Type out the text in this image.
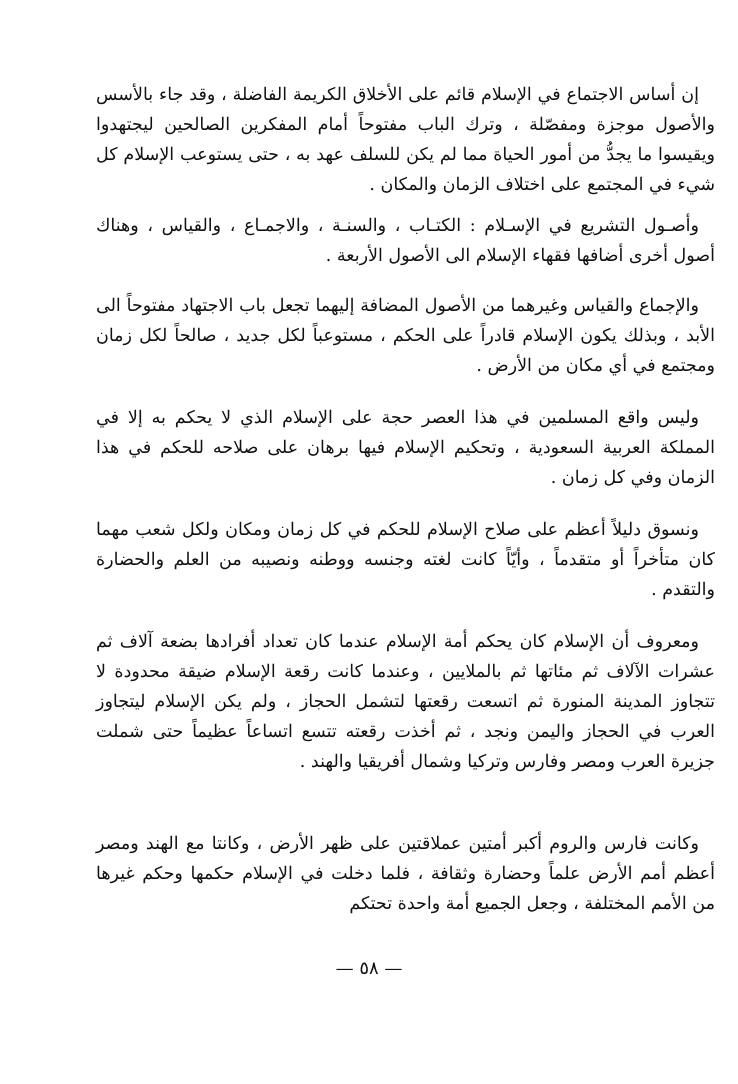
إن أساس الاجتماع في الإسلام قائم على الأخلاق الكريمة الفاضلة ، وقد جاء بالأسس والأصول موجزة ومفصّلة ، وترك الباب مفتوحاً أمام المفكرين الصالحين ليجتهدوا ويقيسوا ما يجدُّ من أمور الحياة مما لم يكن للسلف عهد به ، حتى يستوعب الإسلام كل شيء في المجتمع على اختلاف الزمان والمكان .

وأصـول التشريع في الإسـلام : الكتـاب ، والسنـة ، والاجمـاع ، والقياس ، وهناك أصول أخرى أضافها فقهاء الإسلام الى الأصول الأربعة .

والإجماع والقياس وغيرهما من الأصول المضافة إليهما تجعل باب الاجتهاد مفتوحاً الى الأبد ، وبذلك يكون الإسلام قادراً على الحكم ، مستوعباً لكل جديد ، صالحاً لكل زمان ومجتمع في أي مكان من الأرض .

وليس واقع المسلمين في هذا العصر حجة على الإسلام الذي لا يحكم به إلا في المملكة العربية السعودية ، وتحكيم الإسلام فيها برهان على صلاحه للحكم في هذا الزمان وفي كل زمان .

ونسوق دليلاً أعظم على صلاح الإسلام للحكم في كل زمان ومكان ولكل شعب مهما كان متأخراً أو متقدماً ، وأيّاً كانت لغته وجنسه ووطنه ونصيبه من العلم والحضارة والتقدم .

ومعروف أن الإسلام كان يحكم أمة الإسلام عندما كان تعداد أفرادها بضعة آلاف ثم عشرات الآلاف ثم مئاتها ثم بالملايين ، وعندما كانت رقعة الإسلام ضيقة محدودة لا تتجاوز المدينة المنورة ثم اتسعت رقعتها لتشمل الحجاز ، ولم يكن الإسلام ليتجاوز العرب في الحجاز واليمن ونجد ، ثم أخذت رقعته تتسع اتساعاً عظيماً حتى شملت جزيرة العرب ومصر وفارس وتركيا وشمال أفريقيا والهند .

وكانت فارس والروم أكبر أمتين عملاقتين على ظهر الأرض ، وكانتا مع الهند ومصر أعظم أمم الأرض علماً وحضارة وثقافة ، فلما دخلت في الإسلام حكمها وحكم غيرها من الأمم المختلفة ، وجعل الجميع أمة واحدة تحتكم

— ٥٨ —
